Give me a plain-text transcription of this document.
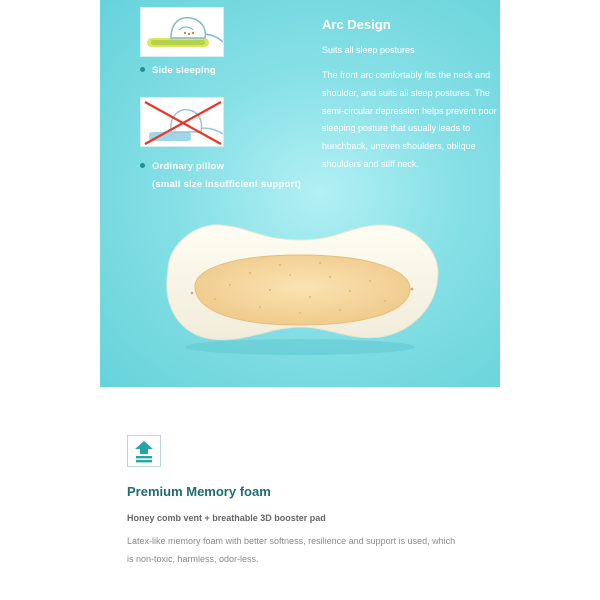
Side sleeping
Ordinary pillow
(small size insufficient support)
Arc Design
Suits all sleep postures
The front arc comfortably fits the neck and shoulder, and suits all sleep postures. The semi-circular depression helps prevent poor sleeping posture that usually leads to hunchback, uneven shoulders, oblique shoulders and stiff neck.
Premium Memory foam
Honey comb vent + breathable 3D booster pad
Latex-like memory foam with better softness, resilience and support is used, which is non-toxic, harmless, odor-less.
